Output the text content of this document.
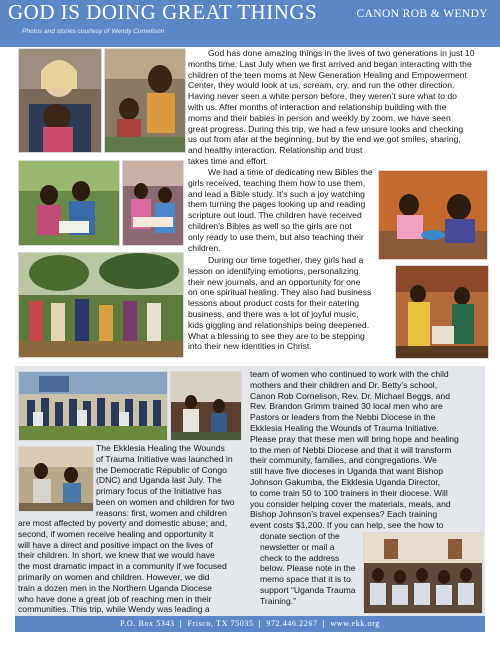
GOD IS DOING GREAT THINGS	CANON ROB & WENDY
Photos and stories courtesy of Wendy Cornelison
God has done amazing things in the lives of two generations in just 10
months time. Last July when we first arrived and began interacting with the
children of the teen moms at New Generation Healing and Empowerment
Center, they would look at us, scream, cry, and run the other direction.
Having never seen a white person before, they weren’t sure what to do
with us. After months of interaction and relationship building with the
moms and their babies in person and weekly by zoom, we have seen
great progress. During this trip, we had a few unsure looks and checking
us out from afar at the beginning, but by the end we got smiles, sharing,
and healthy interaction. Relationship and trust
takes time and effort.
We had a time of dedicating new Bibles the
girls received, teaching them how to use them,
and lead a Bible study. It’s such a joy watching
them turning the pages looking up and reading
scripture out loud. The children have received
children’s Bibles as well so the girls are not
only ready to use them, but also teaching their
children.
During our time together, they girls had a
lesson on identifying emotions, personalizing
their new journals, and an opportunity for one
on one spiritual healing. They also had business
lessons about product costs for their catering
business, and there was a lot of joyful music,
kids giggling and relationships being deepened.
What a blessing to see they are to be stepping
into their new identities in Christ.
The Ekklesia Healing the Wounds
of Trauma Initiative was launched in
the Democratic Republic of Congo
(DNC) and Uganda last July. The
primary focus of the Initiative has
been on women and children for two
reasons: first, women and children
are most affected by poverty and domestic abuse; and,
second, if women receive healing and opportunity it
will have a direct and positive impact on the lives of
their children. In short, we knew that we would have
the most dramatic impact in a community if we focused
primarily on women and children. However, we did
train a dozen men in the Northern Uganda Diocese
who have done a great job of reaching men in their
communities. This trip, while Wendy was leading a
team of women who continued to work with the child
mothers and their children and Dr. Betty’s school,
Canon Rob Cornelison, Rev. Dr. Michael Beggs, and
Rev. Brandon Grimm trained 30 local men who are
Pastors or leaders from the Nebbi Diocese in the
Ekklesia Healing the Wounds of Trauma Initiative.
Please pray that these men will bring hope and healing
to the men of Nebbi Diocese and that it will transform
their community, families, and congregations. We
still have five dioceses in Uganda that want Bishop
Johnson Gakumba, the Ekklesia Uganda Director,
to come train 50 to 100 trainers in their diocese. Will
you consider helping cover the materials, meals, and
Bishop Johnson’s travel expenses? Each training
event costs $1,200. If you can help, see the how to
donate section of the
newsletter or mail a
check to the address
below. Please note in the
memo space that it is to
support “Uganda Trauma
Training.”
P.O. Box 5343  |  Frisco, TX 75035  |  972.446.2267  |  www.ekk.org
